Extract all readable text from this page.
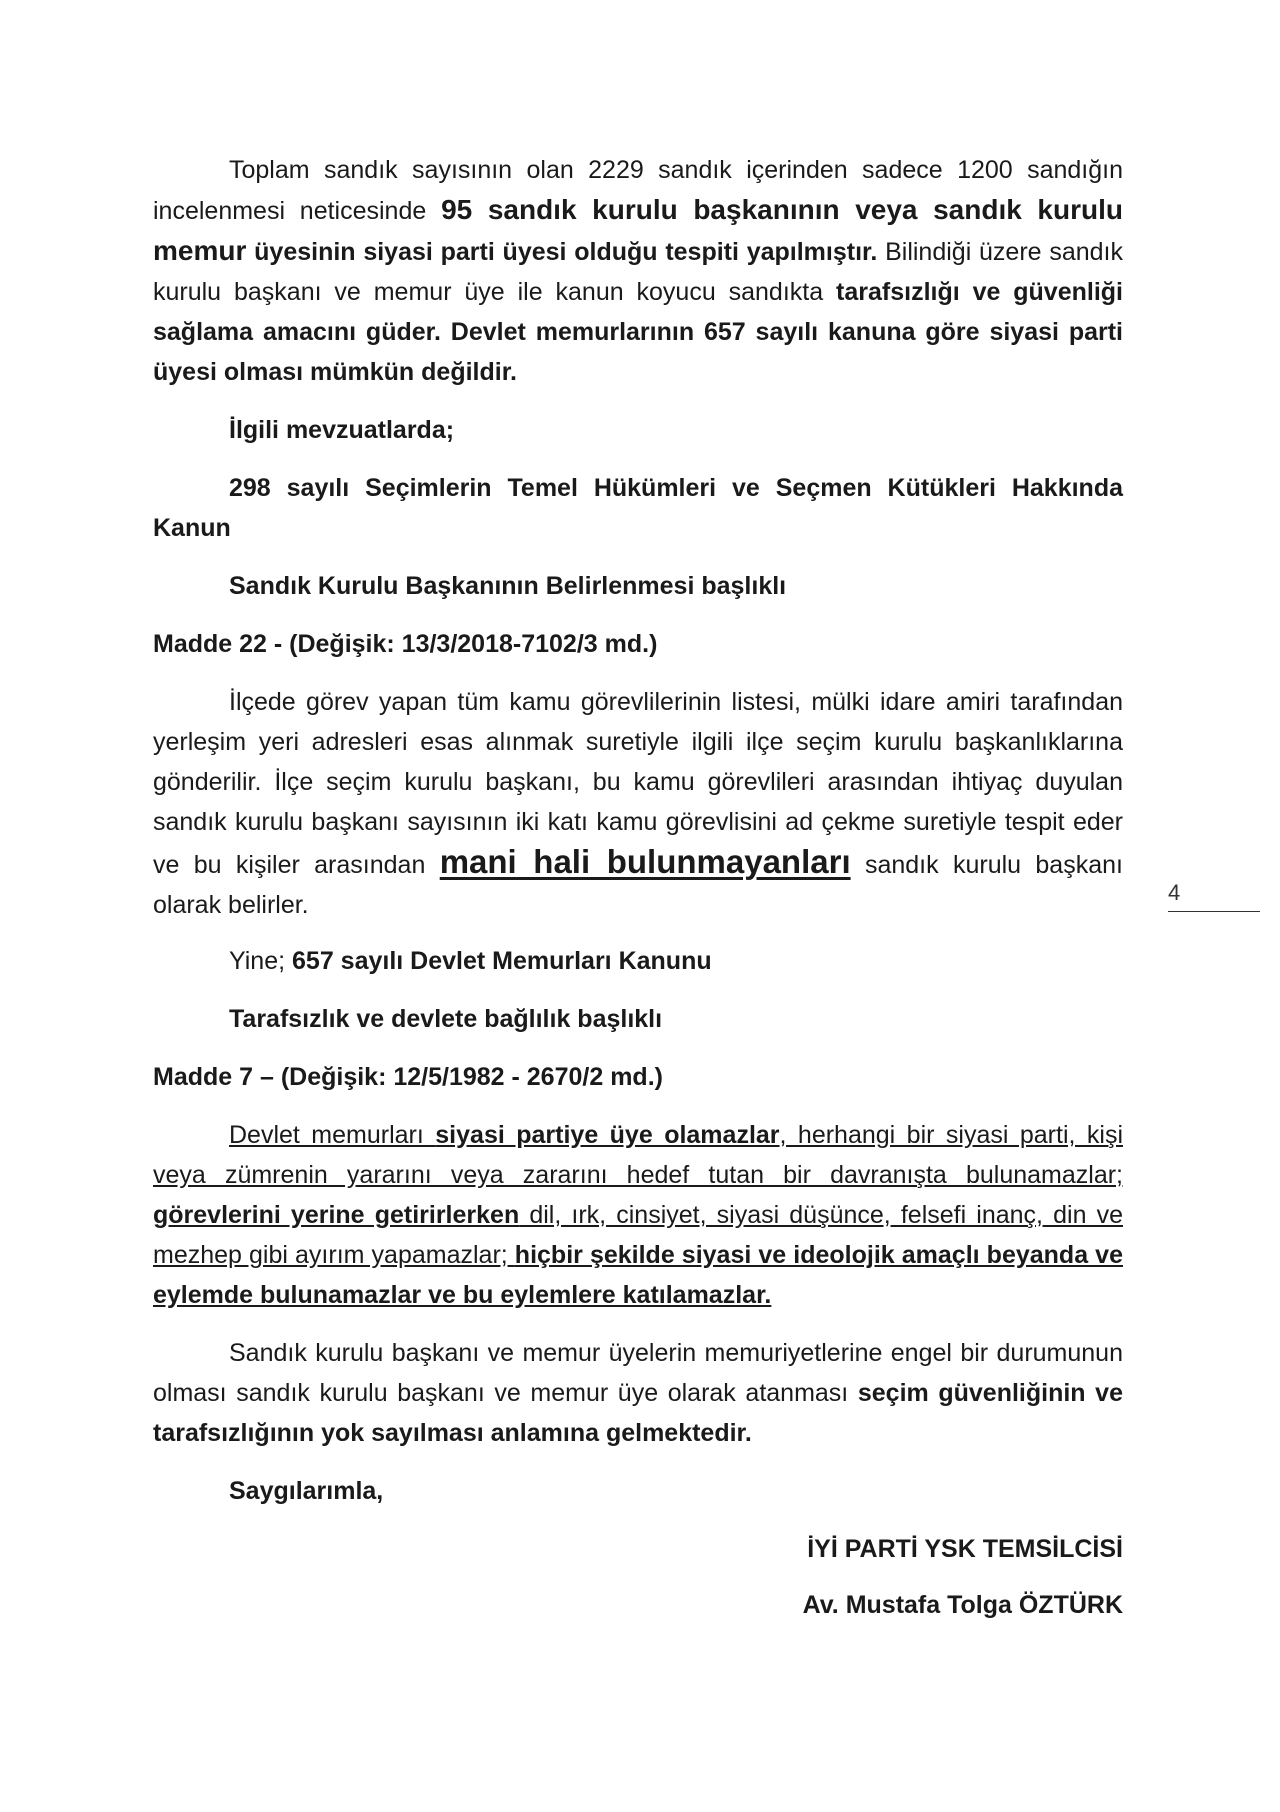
Toplam sandık sayısının olan 2229 sandık içerinden sadece 1200 sandığın incelenmesi neticesinde 95 sandık kurulu başkanının veya sandık kurulu memur üyesinin siyasi parti üyesi olduğu tespiti yapılmıştır. Bilindiği üzere sandık kurulu başkanı ve memur üye ile kanun koyucu sandıkta tarafsızlığı ve güvenliği sağlama amacını güder. Devlet memurlarının 657 sayılı kanuna göre siyasi parti üyesi olması mümkün değildir.

İlgili mevzuatlarda;

298 sayılı Seçimlerin Temel Hükümleri ve Seçmen Kütükleri Hakkında Kanun

Sandık Kurulu Başkanının Belirlenmesi başlıklı

Madde 22 - (Değişik: 13/3/2018-7102/3 md.)

İlçede görev yapan tüm kamu görevlilerinin listesi, mülki idare amiri tarafından yerleşim yeri adresleri esas alınmak suretiyle ilgili ilçe seçim kurulu başkanlıklarına gönderilir. İlçe seçim kurulu başkanı, bu kamu görevlileri arasından ihtiyaç duyulan sandık kurulu başkanı sayısının iki katı kamu görevlisini ad çekme suretiyle tespit eder ve bu kişiler arasından mani hali bulunmayanları sandık kurulu başkanı olarak belirler.

Yine; 657 sayılı Devlet Memurları Kanunu

Tarafsızlık ve devlete bağlılık başlıklı

Madde 7 – (Değişik: 12/5/1982 - 2670/2 md.)

Devlet memurları siyasi partiye üye olamazlar, herhangi bir siyasi parti, kişi veya zümrenin yararını veya zararını hedef tutan bir davranışta bulunamazlar; görevlerini yerine getirirlerken dil, ırk, cinsiyet, siyasi düşünce, felsefi inanç, din ve mezhep gibi ayırım yapamazlar; hiçbir şekilde siyasi ve ideolojik amaçlı beyanda ve eylemde bulunamazlar ve bu eylemlere katılamazlar.

Sandık kurulu başkanı ve memur üyelerin memuriyetlerine engel bir durumunun olması sandık kurulu başkanı ve memur üye olarak atanması seçim güvenliğinin ve tarafsızlığının yok sayılması anlamına gelmektedir.

Saygılarımla,

İYİ PARTİ YSK TEMSİLCİSİ

Av. Mustafa Tolga ÖZTÜRK

4
